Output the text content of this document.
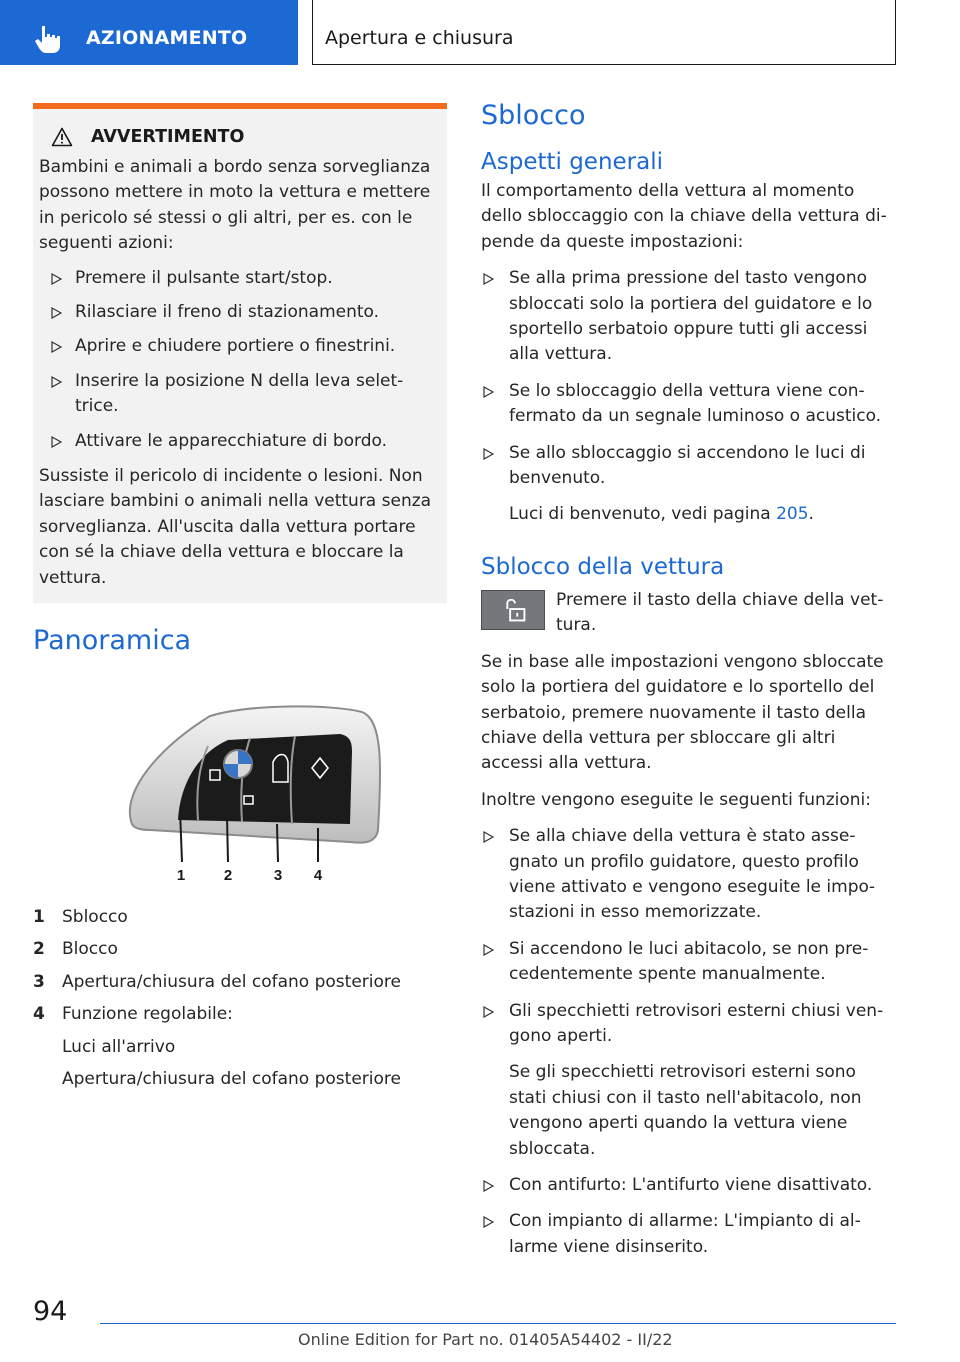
AZIONAMENTO	Apertura e chiusura
AVVERTIMENTO

Bambini e animali a bordo senza sorveglianza possono mettere in moto la vettura e mettere in pericolo sé stessi o gli altri, per es. con le seguenti azioni:

Premere il pulsante start/stop.
Rilasciare il freno di stazionamento.
Aprire e chiudere portiere o finestrini.
Inserire la posizione N della leva selettrice.
Attivare le apparecchiature di bordo.

Sussiste il pericolo di incidente o lesioni. Non lasciare bambini o animali nella vettura senza sorveglianza. All'uscita dalla vettura portare con sé la chiave della vettura e bloccare la vettura.

Panoramica
1	2	3 4
1 Sblocco
2 Blocco
3 Apertura/chiusura del cofano posteriore
4 Funzione regolabile:
Luci all'arrivo
Apertura/chiusura del cofano posteriore
Sblocco
Aspetti generali

Il comportamento della vettura al momento dello sbloccaggio con la chiave della vettura dipende da queste impostazioni:

Se alla prima pressione del tasto vengono sbloccati solo la portiera del guidatore e lo sportello serbatoio oppure tutti gli accessi alla vettura.
Se lo sbloccaggio della vettura viene confermato da un segnale luminoso o acustico.
Se allo sbloccaggio si accendono le luci di benvenuto.

Luci di benvenuto, vedi pagina 205.

Sblocco della vettura

Premere il tasto della chiave della vettura.

Se in base alle impostazioni vengono sbloccate solo la portiera del guidatore e lo sportello del serbatoio, premere nuovamente il tasto della chiave della vettura per sbloccare gli altri accessi alla vettura.

Inoltre vengono eseguite le seguenti funzioni:

Se alla chiave della vettura è stato assegnato un profilo guidatore, questo profilo viene attivato e vengono eseguite le impostazioni in esso memorizzate.
Si accendono le luci abitacolo, se non precedentemente spente manualmente.
Gli specchietti retrovisori esterni chiusi vengono aperti.

Se gli specchietti retrovisori esterni sono stati chiusi con il tasto nell'abitacolo, non vengono aperti quando la vettura viene sbloccata.

Con antifurto: L'antifurto viene disattivato.
Con impianto di allarme: L'impianto di allarme viene disinserito.
94
Online Edition for Part no. 01405A54402 - II/22
